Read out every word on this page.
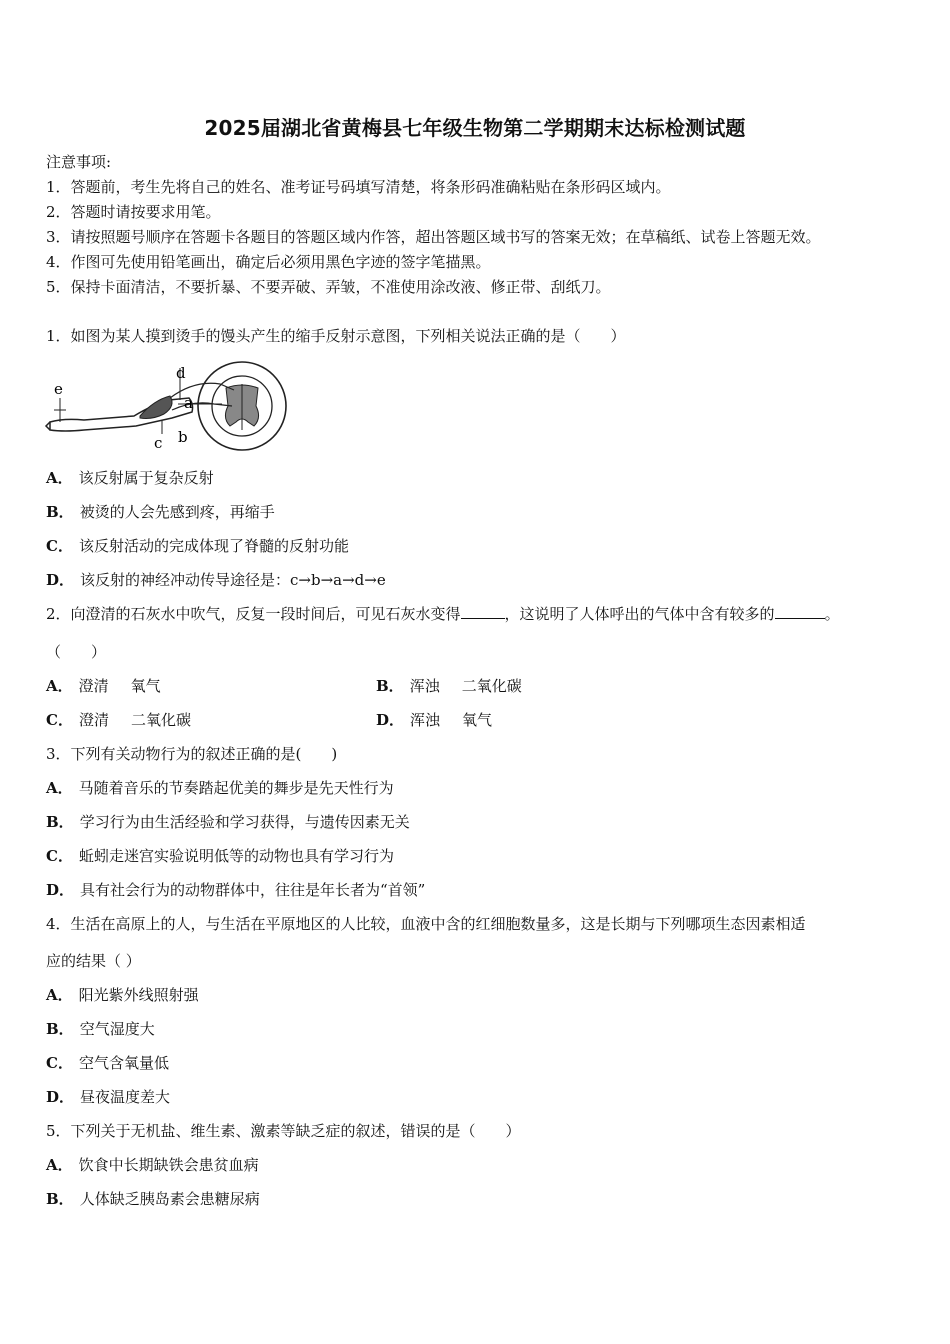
2025届湖北省黄梅县七年级生物第二学期期末达标检测试题
注意事项:
1．答题前，考生先将自己的姓名、准考证号码填写清楚，将条形码准确粘贴在条形码区域内。
2．答题时请按要求用笔。
3．请按照题号顺序在答题卡各题目的答题区域内作答，超出答题区域书写的答案无效；在草稿纸、试卷上答题无效。
4．作图可先使用铅笔画出，确定后必须用黑色字迹的签字笔描黑。
5．保持卡面清洁，不要折暴、不要弄破、弄皱，不准使用涂改液、修正带、刮纸刀。
1．如图为某人摸到烫手的馒头产生的缩手反射示意图，下列相关说法正确的是（　　）
e
d
a
c b
A． 该反射属于复杂反射
B． 被烫的人会先感到疼，再缩手
C． 该反射活动的完成体现了脊髓的反射功能
D． 该反射的神经冲动传导途径是：c→b→a→d→e
2．向澄清的石灰水中吹气，反复一段时间后，可见石灰水变得	，这说明了人体呼出的气体中含有较多的	。
（　　）
A． 澄清 氧气	B． 浑浊 二氧化碳
C． 澄清 二氧化碳	D． 浑浊 氧气
3．下列有关动物行为的叙述正确的是(　　)
A． 马随着音乐的节奏踏起优美的舞步是先天性行为
B． 学习行为由生活经验和学习获得，与遗传因素无关
C． 蚯蚓走迷宫实验说明低等的动物也具有学习行为
D． 具有社会行为的动物群体中，往往是年长者为“首领”
4．生活在高原上的人，与生活在平原地区的人比较，血液中含的红细胞数量多，这是长期与下列哪项生态因素相适
应的结果（ ）
A． 阳光紫外线照射强
B． 空气湿度大
C． 空气含氧量低
D． 昼夜温度差大
5．下列关于无机盐、维生素、激素等缺乏症的叙述，错误的是（　　）
A． 饮食中长期缺铁会患贫血病
B． 人体缺乏胰岛素会患糖尿病
